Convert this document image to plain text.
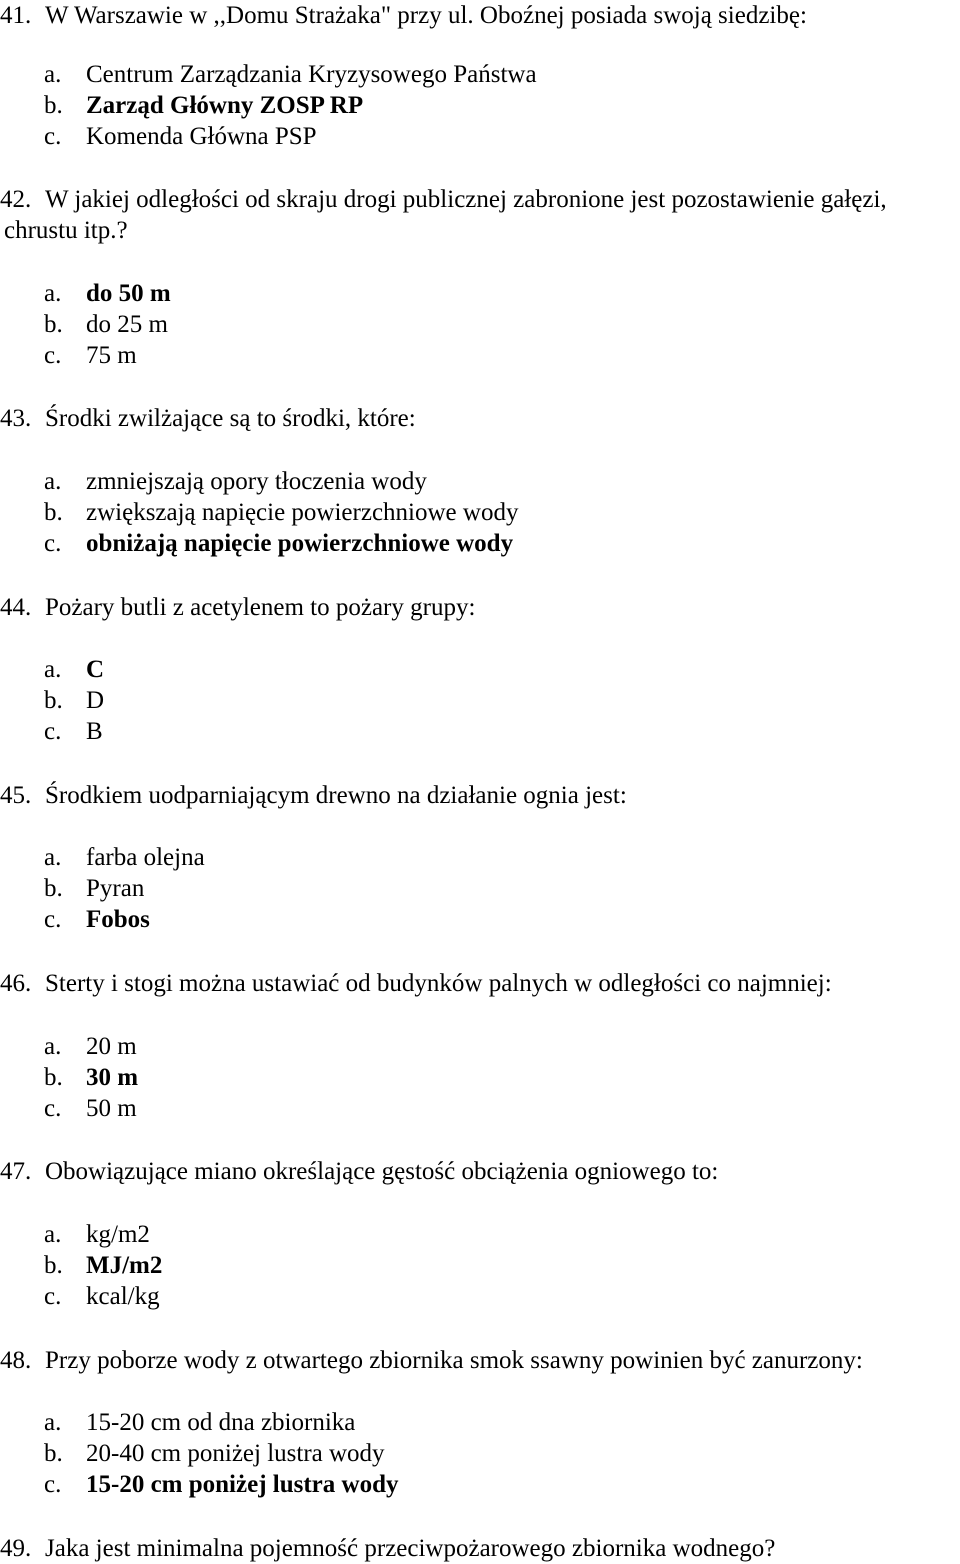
41. W Warszawie w ,,Domu Strażaka" przy ul. Oboźnej posiada swoją siedzibę:
a. Centrum Zarządzania Kryzysowego Państwa
b. Zarząd Główny ZOSP RP
c. Komenda Główna PSP
42. W jakiej odległości od skraju drogi publicznej zabronione jest pozostawienie gałęzi,
chrustu itp.?
a. do 50 m
b. do 25 m
c. 75 m
43. Środki zwilżające są to środki, które:
a. zmniejszają opory tłoczenia wody
b. zwiększają napięcie powierzchniowe wody
c. obniżają napięcie powierzchniowe wody
44. Pożary butli z acetylenem to pożary grupy:
a. C
b. D
c. B
45. Środkiem uodparniającym drewno na działanie ognia jest:
a. farba olejna
b. Pyran
c. Fobos
46. Sterty i stogi można ustawiać od budynków palnych w odległości co najmniej:
a. 20 m
b. 30 m
c. 50 m
47. Obowiązujące miano określające gęstość obciążenia ogniowego to:
a. kg/m2
b. MJ/m2
c. kcal/kg
48. Przy poborze wody z otwartego zbiornika smok ssawny powinien być zanurzony:
a. 15-20 cm od dna zbiornika
b. 20-40 cm poniżej lustra wody
c. 15-20 cm poniżej lustra wody
49. Jaka jest minimalna pojemność przeciwpożarowego zbiornika wodnego?
